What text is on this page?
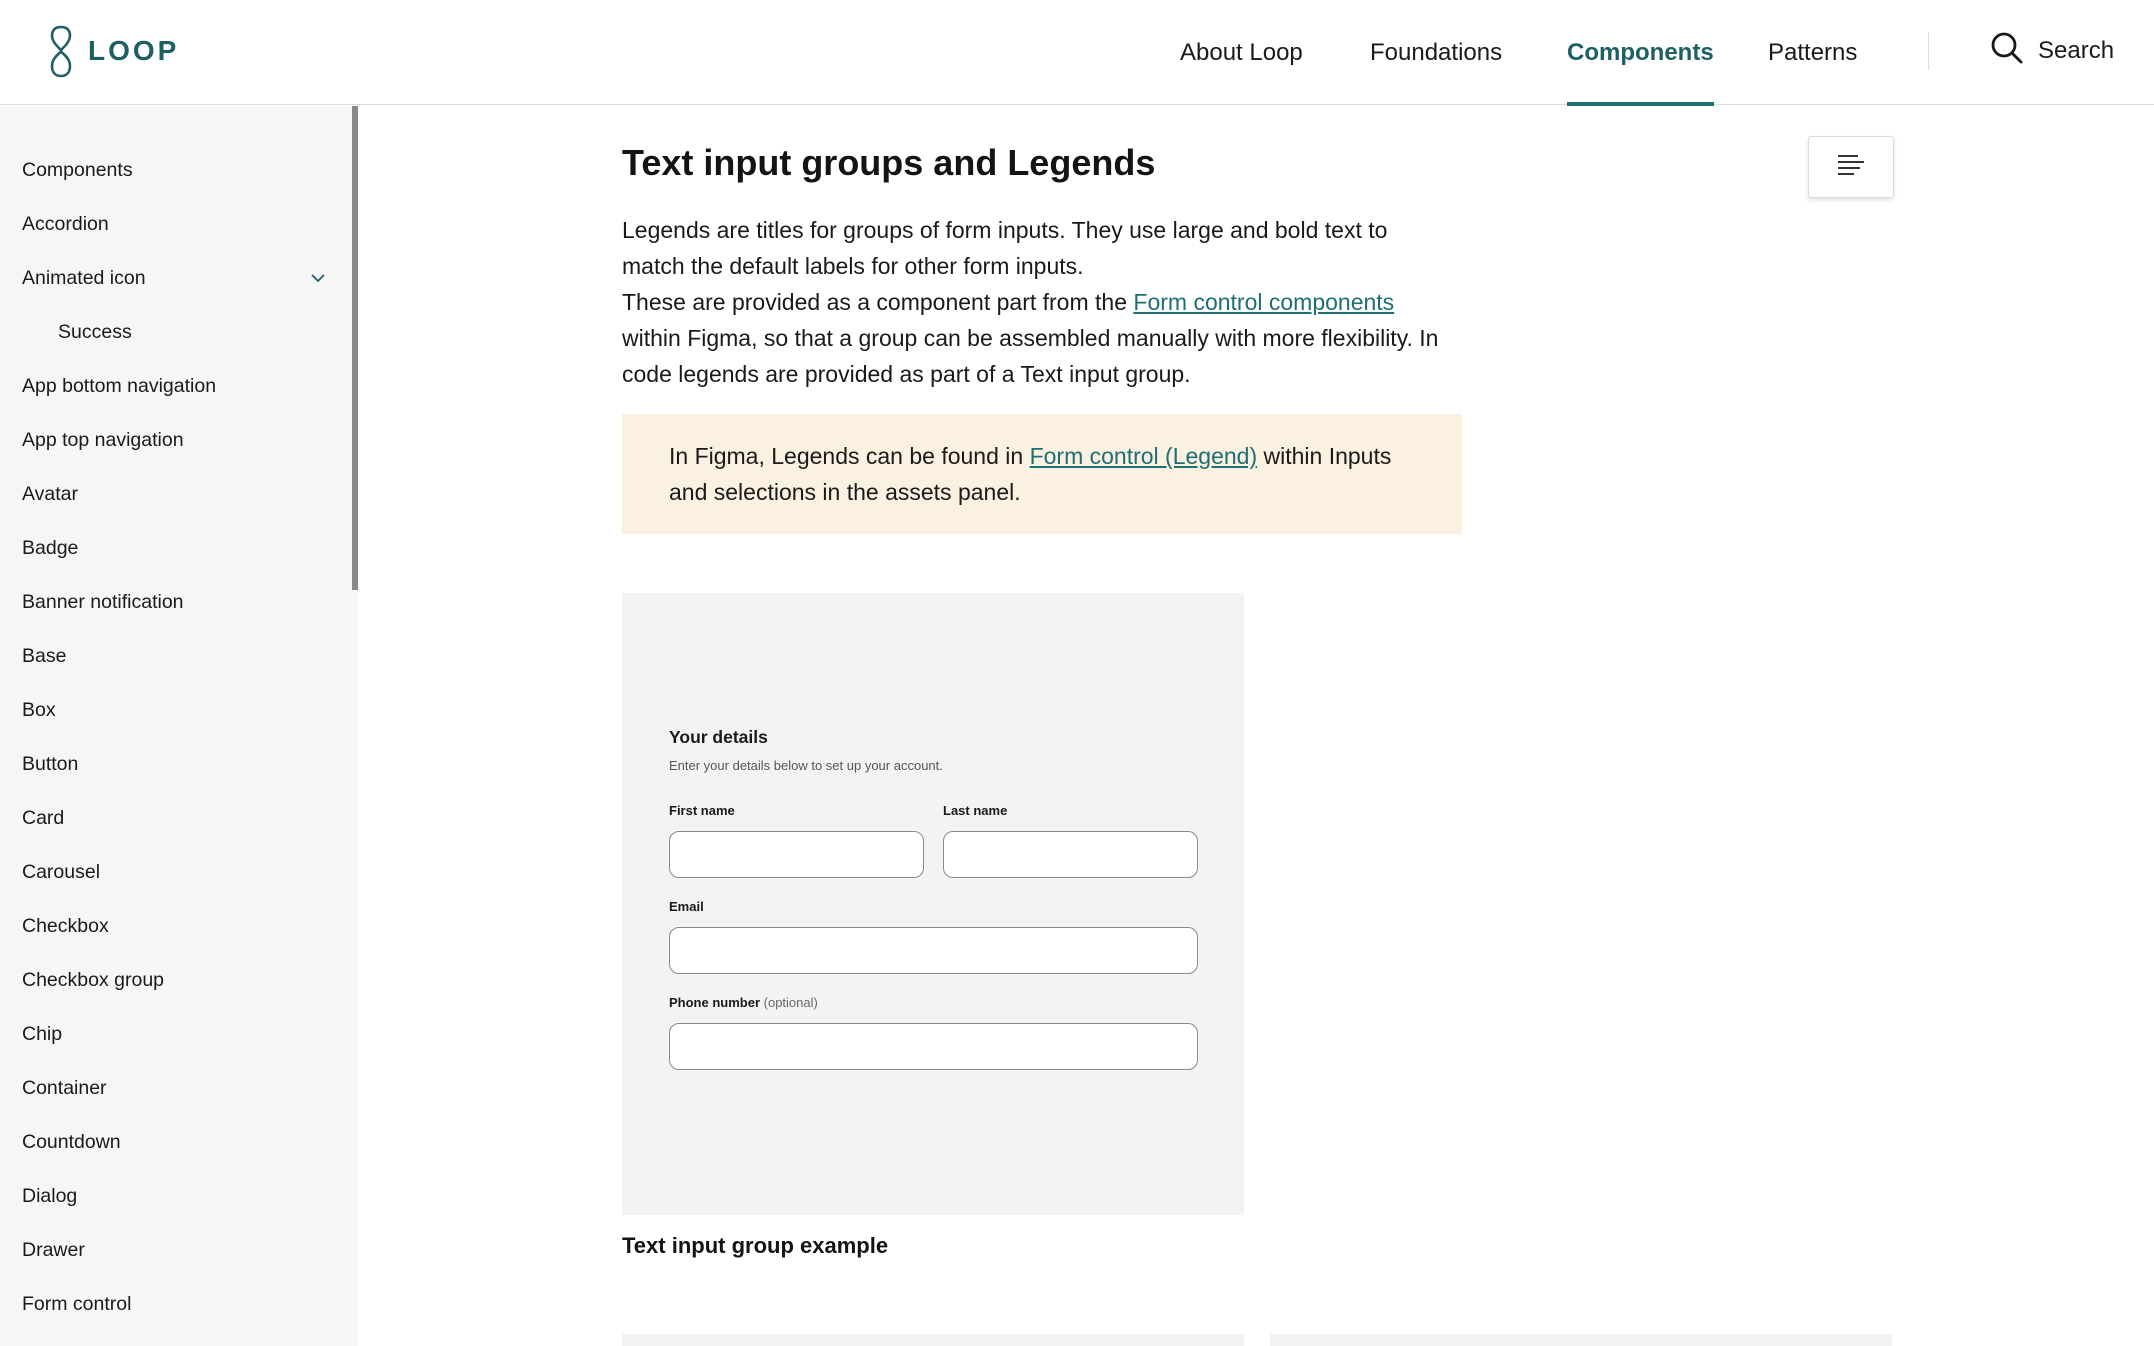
LOOP	About Loop	Foundations	Components Patterns	Search
Components
Accordion
Animated icon
Success
App bottom navigation
App top navigation
Avatar
Badge
Banner notification
Base
Box
Button
Card
Carousel
Checkbox
Checkbox group
Chip
Container
Countdown
Dialog
Drawer
Form control
Text input groups and Legends

Legends are titles for groups of form inputs. They use large and bold text to match the default labels for other form inputs.

These are provided as a component part from the Form control components within Figma, so that a group can be assembled manually with more flexibility. In code legends are provided as part of a Text input group.

In Figma, Legends can be found in Form control (Legend) within Inputs and selections in the assets panel.

Your details
Enter your details below to set up your account.
First name	Last name
Email
Phone number (optional)
Text input group example
